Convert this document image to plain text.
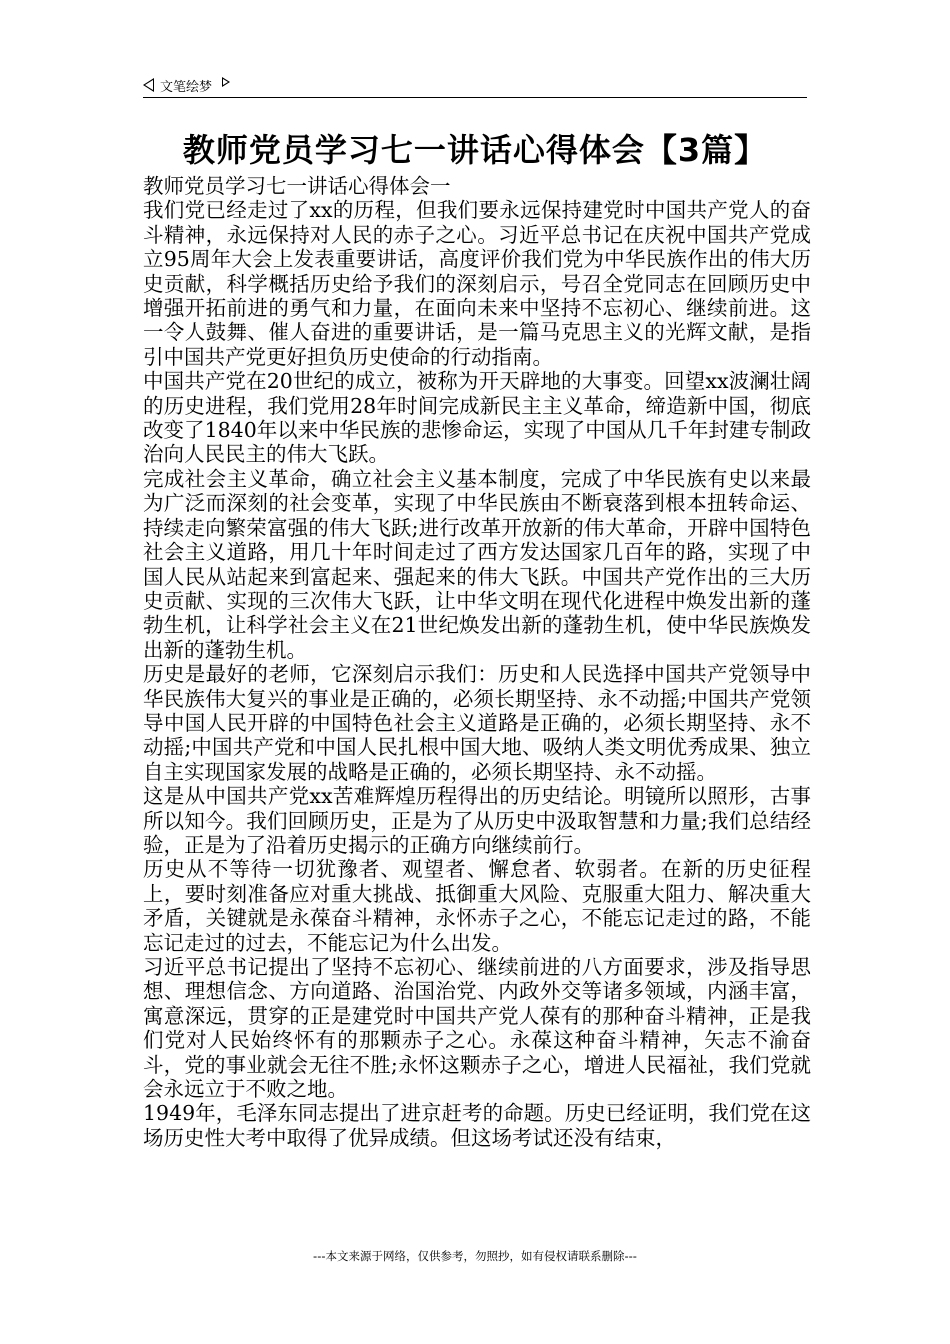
文笔绘梦
教师党员学习七一讲话心得体会【3篇】

教师党员学习七一讲话心得体会一

我们党已经走过了xx的历程，但我们要永远保持建党时中国共产党人的奋斗精神，永远保持对人民的赤子之心。习近平总书记在庆祝中国共产党成立95周年大会上发表重要讲话，高度评价我们党为中华民族作出的伟大历史贡献，科学概括历史给予我们的深刻启示，号召全党同志在回顾历史中增强开拓前进的勇气和力量，在面向未来中坚持不忘初心、继续前进。这一令人鼓舞、催人奋进的重要讲话，是一篇马克思主义的光辉文献，是指引中国共产党更好担负历史使命的行动指南。

中国共产党在20世纪的成立，被称为开天辟地的大事变。回望xx波澜壮阔的历史进程，我们党用28年时间完成新民主主义革命，缔造新中国，彻底改变了1840年以来中华民族的悲惨命运，实现了中国从几千年封建专制政治向人民民主的伟大飞跃。

完成社会主义革命，确立社会主义基本制度，完成了中华民族有史以来最为广泛而深刻的社会变革，实现了中华民族由不断衰落到根本扭转命运、持续走向繁荣富强的伟大飞跃;进行改革开放新的伟大革命，开辟中国特色社会主义道路，用几十年时间走过了西方发达国家几百年的路，实现了中国人民从站起来到富起来、强起来的伟大飞跃。中国共产党作出的三大历史贡献、实现的三次伟大飞跃，让中华文明在现代化进程中焕发出新的蓬勃生机，让科学社会主义在21世纪焕发出新的蓬勃生机，使中华民族焕发出新的蓬勃生机。

历史是最好的老师，它深刻启示我们：历史和人民选择中国共产党领导中华民族伟大复兴的事业是正确的，必须长期坚持、永不动摇;中国共产党领导中国人民开辟的中国特色社会主义道路是正确的，必须长期坚持、永不动摇;中国共产党和中国人民扎根中国大地、吸纳人类文明优秀成果、独立自主实现国家发展的战略是正确的，必须长期坚持、永不动摇。

这是从中国共产党xx苦难辉煌历程得出的历史结论。明镜所以照形，古事所以知今。我们回顾历史，正是为了从历史中汲取智慧和力量;我们总结经验，正是为了沿着历史揭示的正确方向继续前行。

历史从不等待一切犹豫者、观望者、懈怠者、软弱者。在新的历史征程上，要时刻准备应对重大挑战、抵御重大风险、克服重大阻力、解决重大矛盾，关键就是永葆奋斗精神，永怀赤子之心，不能忘记走过的路，不能忘记走过的过去，不能忘记为什么出发。

习近平总书记提出了坚持不忘初心、继续前进的八方面要求，涉及指导思想、理想信念、方向道路、治国治党、内政外交等诸多领域，内涵丰富，寓意深远，贯穿的正是建党时中国共产党人葆有的那种奋斗精神，正是我们党对人民始终怀有的那颗赤子之心。永葆这种奋斗精神，矢志不渝奋斗，党的事业就会无往不胜;永怀这颗赤子之心，增进人民福祉，我们党就会永远立于不败之地。

1949年，毛泽东同志提出了进京赶考的命题。历史已经证明，我们党在这场历史性大考中取得了优异成绩。但这场考试还没有结束，

---本文来源于网络，仅供参考，勿照抄，如有侵权请联系删除---
